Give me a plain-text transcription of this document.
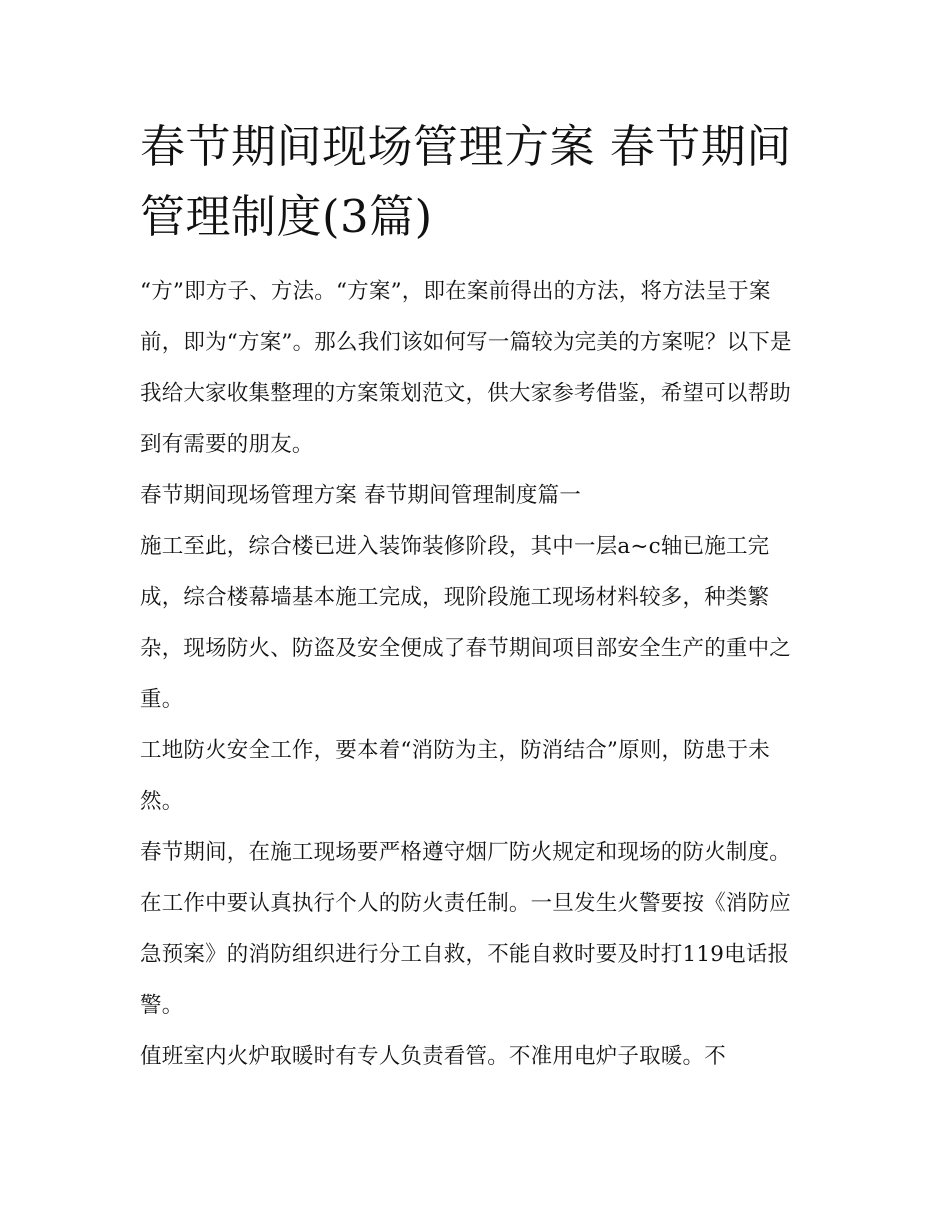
春节期间现场管理方案 春节期间管理制度(3篇)

“方”即方子、方法。“方案”，即在案前得出的方法，将方法呈于案前，即为“方案”。那么我们该如何写一篇较为完美的方案呢？以下是我给大家收集整理的方案策划范文，供大家参考借鉴，希望可以帮助到有需要的朋友。

春节期间现场管理方案 春节期间管理制度篇一

施工至此，综合楼已进入装饰装修阶段，其中一层a~c轴已施工完成，综合楼幕墙基本施工完成，现阶段施工现场材料较多，种类繁杂，现场防火、防盗及安全便成了春节期间项目部安全生产的重中之重。

工地防火安全工作，要本着“消防为主，防消结合”原则，防患于未然。

春节期间，在施工现场要严格遵守烟厂防火规定和现场的防火制度。在工作中要认真执行个人的防火责任制。一旦发生火警要按《消防应急预案》的消防组织进行分工自救，不能自救时要及时打119电话报警。

值班室内火炉取暖时有专人负责看管。不准用电炉子取暖。不
